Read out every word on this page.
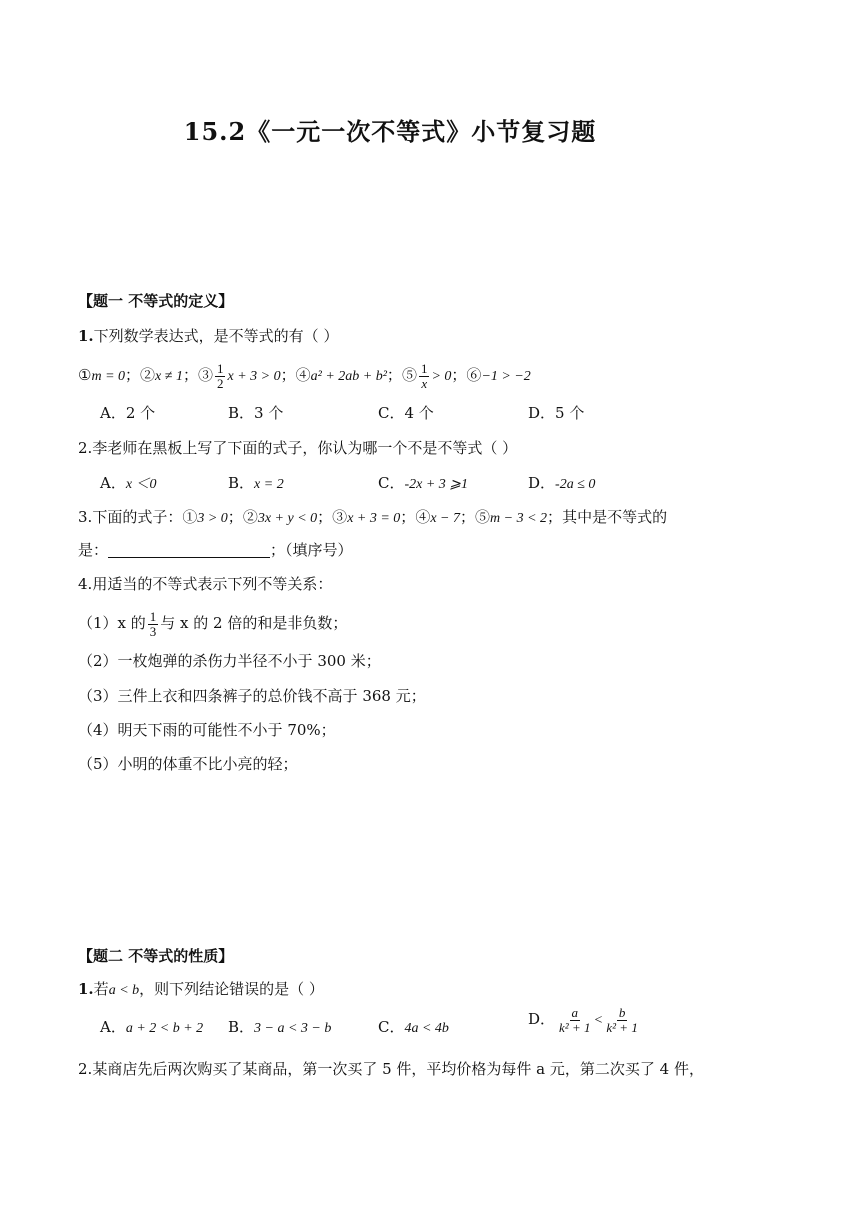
15.2《一元一次不等式》小节复习题
【题一 不等式的定义】
1.下列数学表达式，是不等式的有（ ）
①m = 0；②x ≠ 1；③ $\frac{1}{2}$ x + 3 > 0；④a² + 2ab + b²；⑤ $\frac{1}{x} > 0$；⑥−1 > −2
A．2 个	B．3 个	C．4 个	D．5 个
2.李老师在黑板上写了下面的式子，你认为哪一个不是不等式（ ）
A．x ＜0	B．x = 2	C．-2x + 3 ⩾1	D．-2a ≤ 0
3.下面的式子：①3 > 0；②3x + y < 0；③x + 3 = 0；④x − 7；⑤m − 3 < 2；其中是不等式的
是：	；（填序号）
4.用适当的不等式表示下列不等关系：
（1）x 的 $\frac{1}{3}$ 与 x 的 2 倍的和是非负数；
（2）一枚炮弹的杀伤力半径不小于 300 米；
（3）三件上衣和四条裤子的总价钱不高于 368 元；
（4）明天下雨的可能性不小于 70%；
（5）小明的体重不比小亮的轻；
【题二 不等式的性质】
1.若a < b，则下列结论错误的是（ ）
A．a + 2 < b + 2 B．3 − a < 3 − b	C．4a < 4b
D． $\frac{a}{\text{k² + 1}} < \frac{b}{\text{k² + 1}}$
2.某商店先后两次购买了某商品，第一次买了 5 件，平均价格为每件 a 元，第二次买了 4 件，
